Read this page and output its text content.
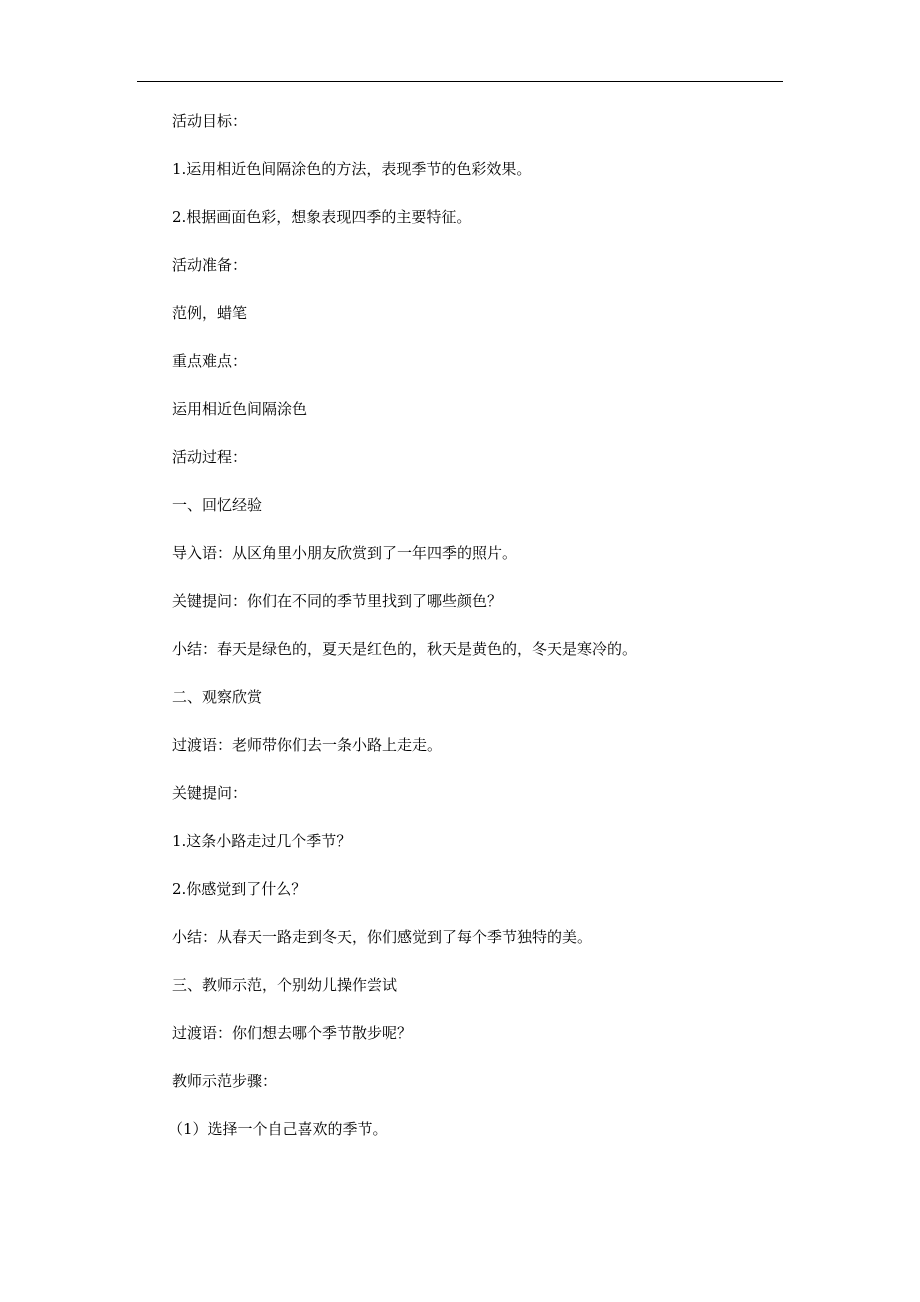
活动目标：
1.运用相近色间隔涂色的方法，表现季节的色彩效果。
2.根据画面色彩，想象表现四季的主要特征。
活动准备：
范例，蜡笔
重点难点：
运用相近色间隔涂色
活动过程：
一、回忆经验
导入语：从区角里小朋友欣赏到了一年四季的照片。
关键提问：你们在不同的季节里找到了哪些颜色？
小结：春天是绿色的，夏天是红色的，秋天是黄色的，冬天是寒冷的。
二、观察欣赏
过渡语：老师带你们去一条小路上走走。
关键提问：
1.这条小路走过几个季节？
2.你感觉到了什么？
小结：从春天一路走到冬天，你们感觉到了每个季节独特的美。
三、教师示范，个别幼儿操作尝试
过渡语：你们想去哪个季节散步呢？
教师示范步骤：
（1）选择一个自己喜欢的季节。
